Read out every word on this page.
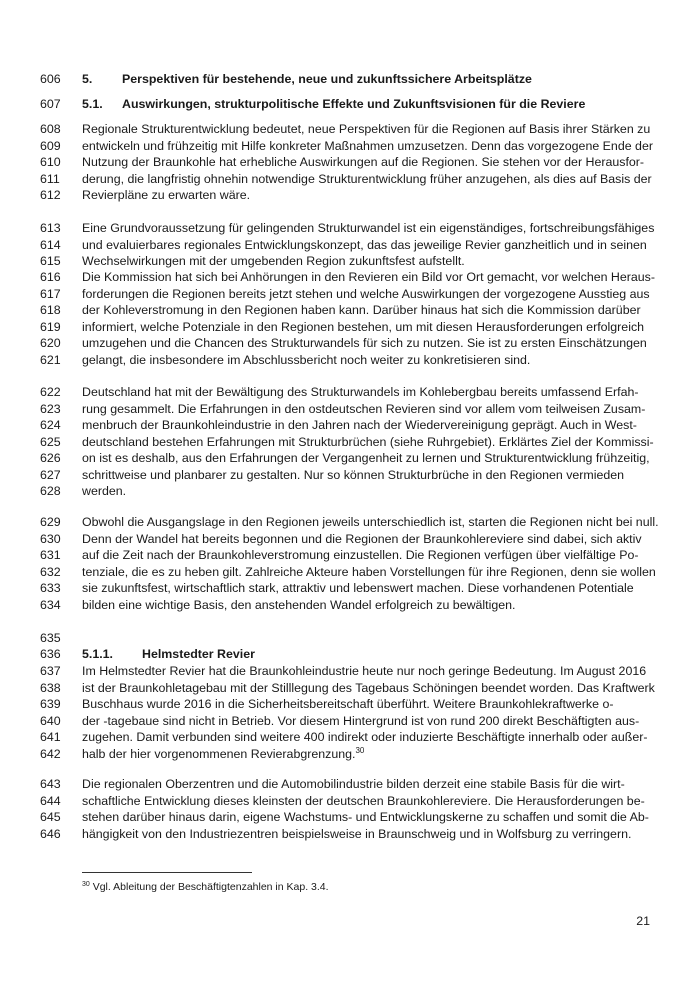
606	5. Perspektiven für bestehende, neue und zukunftssichere Arbeitsplätze
607	5.1. Auswirkungen, strukturpolitische Effekte und Zukunftsvisionen für die Reviere
608	Regionale Strukturentwicklung bedeutet, neue Perspektiven für die Regionen auf Basis ihrer Stärken zu
609	entwickeln und frühzeitig mit Hilfe konkreter Maßnahmen umzusetzen. Denn das vorgezogene Ende der
610	Nutzung der Braunkohle hat erhebliche Auswirkungen auf die Regionen. Sie stehen vor der Herausfor-
611	derung, die langfristig ohnehin notwendige Strukturentwicklung früher anzugehen, als dies auf Basis der
612	Revierpläne zu erwarten wäre.
613	Eine Grundvoraussetzung für gelingenden Strukturwandel ist ein eigenständiges, fortschreibungsfähiges
614	und evaluierbares regionales Entwicklungskonzept, das das jeweilige Revier ganzheitlich und in seinen
615	Wechselwirkungen mit der umgebenden Region zukunftsfest aufstellt.
616	Die Kommission hat sich bei Anhörungen in den Revieren ein Bild vor Ort gemacht, vor welchen Heraus-
617	forderungen die Regionen bereits jetzt stehen und welche Auswirkungen der vorgezogene Ausstieg aus
618	der Kohleverstromung in den Regionen haben kann. Darüber hinaus hat sich die Kommission darüber
619	informiert, welche Potenziale in den Regionen bestehen, um mit diesen Herausforderungen erfolgreich
620	umzugehen und die Chancen des Strukturwandels für sich zu nutzen. Sie ist zu ersten Einschätzungen
621	gelangt, die insbesondere im Abschlussbericht noch weiter zu konkretisieren sind.
622	Deutschland hat mit der Bewältigung des Strukturwandels im Kohlebergbau bereits umfassend Erfah-
623	rung gesammelt. Die Erfahrungen in den ostdeutschen Revieren sind vor allem vom teilweisen Zusam-
624	menbruch der Braunkohleindustrie in den Jahren nach der Wiedervereinigung geprägt. Auch in West-
625	deutschland bestehen Erfahrungen mit Strukturbrüchen (siehe Ruhrgebiet). Erklärtes Ziel der Kommissi-
626	on ist es deshalb, aus den Erfahrungen der Vergangenheit zu lernen und Strukturentwicklung frühzeitig,
627	schrittweise und planbarer zu gestalten. Nur so können Strukturbrüche in den Regionen vermieden
628	werden.
629	Obwohl die Ausgangslage in den Regionen jeweils unterschiedlich ist, starten die Regionen nicht bei null.
630	Denn der Wandel hat bereits begonnen und die Regionen der Braunkohlereviere sind dabei, sich aktiv
631	auf die Zeit nach der Braunkohleverstromung einzustellen. Die Regionen verfügen über vielfältige Po-
632	tenziale, die es zu heben gilt. Zahlreiche Akteure haben Vorstellungen für ihre Regionen, denn sie wollen
633	sie zukunftsfest, wirtschaftlich stark, attraktiv und lebenswert machen. Diese vorhandenen Potentiale
634	bilden eine wichtige Basis, den anstehenden Wandel erfolgreich zu bewältigen.
635
636	5.1.1. Helmstedter Revier
637	Im Helmstedter Revier hat die Braunkohleindustrie heute nur noch geringe Bedeutung. Im August 2016
638	ist der Braunkohletagebau mit der Stilllegung des Tagebaus Schöningen beendet worden. Das Kraftwerk
639	Buschhaus wurde 2016 in die Sicherheitsbereitschaft überführt. Weitere Braunkohlekraftwerke o-
640	der -tagebaue sind nicht in Betrieb. Vor diesem Hintergrund ist von rund 200 direkt Beschäftigten aus-
641	zugehen. Damit verbunden sind weitere 400 indirekt oder induzierte Beschäftigte innerhalb oder außer-
642	halb der hier vorgenommenen Revierabgrenzung.$^{30}$
643	Die regionalen Oberzentren und die Automobilindustrie bilden derzeit eine stabile Basis für die wirt-
644	schaftliche Entwicklung dieses kleinsten der deutschen Braunkohlereviere. Die Herausforderungen be-
645	stehen darüber hinaus darin, eigene Wachstums- und Entwicklungskerne zu schaffen und somit die Ab-
646	hängigkeit von den Industriezentren beispielsweise in Braunschweig und in Wolfsburg zu verringern.
$^{30}$ Vgl. Ableitung der Beschäftigtenzahlen in Kap. 3.4.
21
